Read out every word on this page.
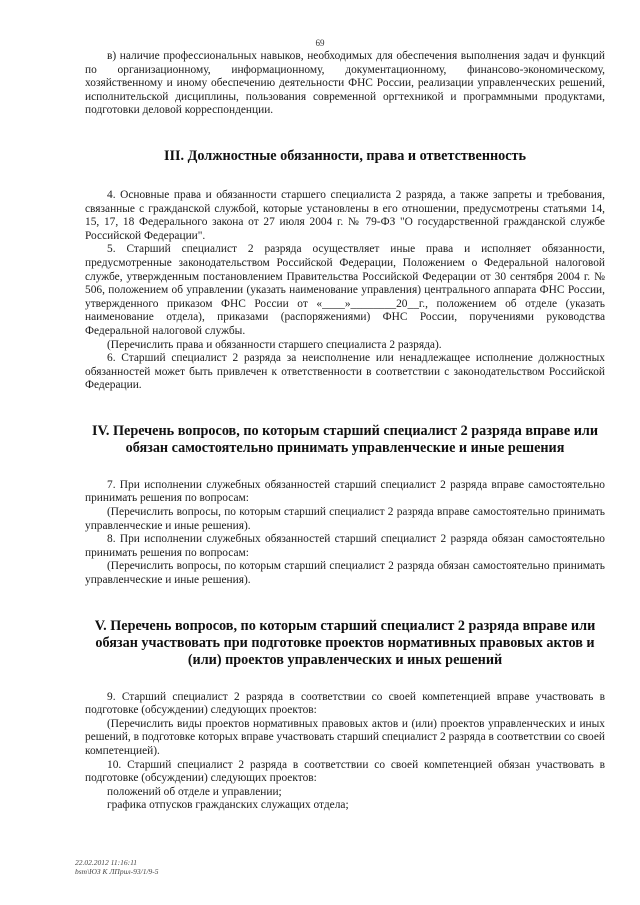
69

в) наличие профессиональных навыков, необходимых для обеспечения выполнения задач и функций по организационному, информационному, документационному, финансово-экономическому, хозяйственному и иному обеспечению деятельности ФНС России, реализации управленческих решений, исполнительской дисциплины, пользования современной оргтехникой и программными продуктами, подготовки деловой корреспонденции.

III. Должностные обязанности, права и ответственность

4. Основные права и обязанности старшего специалиста 2 разряда, а также запреты и требования, связанные с гражданской службой, которые установлены в его отношении, предусмотрены статьями 14, 15, 17, 18 Федерального закона от 27 июля 2004 г. № 79-ФЗ "О государственной гражданской службе Российской Федерации".

5. Старший специалист 2 разряда осуществляет иные права и исполняет обязанности, предусмотренные законодательством Российской Федерации, Положением о Федеральной налоговой службе, утвержденным постановлением Правительства Российской Федерации от 30 сентября 2004 г. № 506, положением об управлении (указать наименование управления) центрального аппарата ФНС России, утвержденного приказом ФНС России от «____»________20__г., положением об отделе (указать наименование отдела), приказами (распоряжениями) ФНС России, поручениями руководства Федеральной налоговой службы.

(Перечислить права и обязанности старшего специалиста 2 разряда).

6. Старший специалист 2 разряда за неисполнение или ненадлежащее исполнение должностных обязанностей может быть привлечен к ответственности в соответствии с законодательством Российской Федерации.

IV. Перечень вопросов, по которым старший специалист 2 разряда вправе или обязан самостоятельно принимать управленческие и иные решения

7. При исполнении служебных обязанностей старший специалист 2 разряда вправе самостоятельно принимать решения по вопросам:

(Перечислить вопросы, по которым старший специалист 2 разряда вправе самостоятельно принимать управленческие и иные решения).

8. При исполнении служебных обязанностей старший специалист 2 разряда обязан самостоятельно принимать решения по вопросам:

(Перечислить вопросы, по которым старший специалист 2 разряда обязан самостоятельно принимать управленческие и иные решения).

V. Перечень вопросов, по которым старший специалист 2 разряда вправе или обязан участвовать при подготовке проектов нормативных правовых актов и (или) проектов управленческих и иных решений

9. Старший специалист 2 разряда в соответствии со своей компетенцией вправе участвовать в подготовке (обсуждении) следующих проектов:

(Перечислить виды проектов нормативных правовых актов и (или) проектов управленческих и иных решений, в подготовке которых вправе участвовать старший специалист 2 разряда в соответствии со своей компетенцией).

10. Старший специалист 2 разряда в соответствии со своей компетенцией обязан участвовать в подготовке (обсуждении) следующих проектов:

положений об отделе и управлении;

графика отпусков гражданских служащих отдела;

22.02.2012 11:16:11
bsm\ЮЗ К ЛПрил-93/1/9-5
